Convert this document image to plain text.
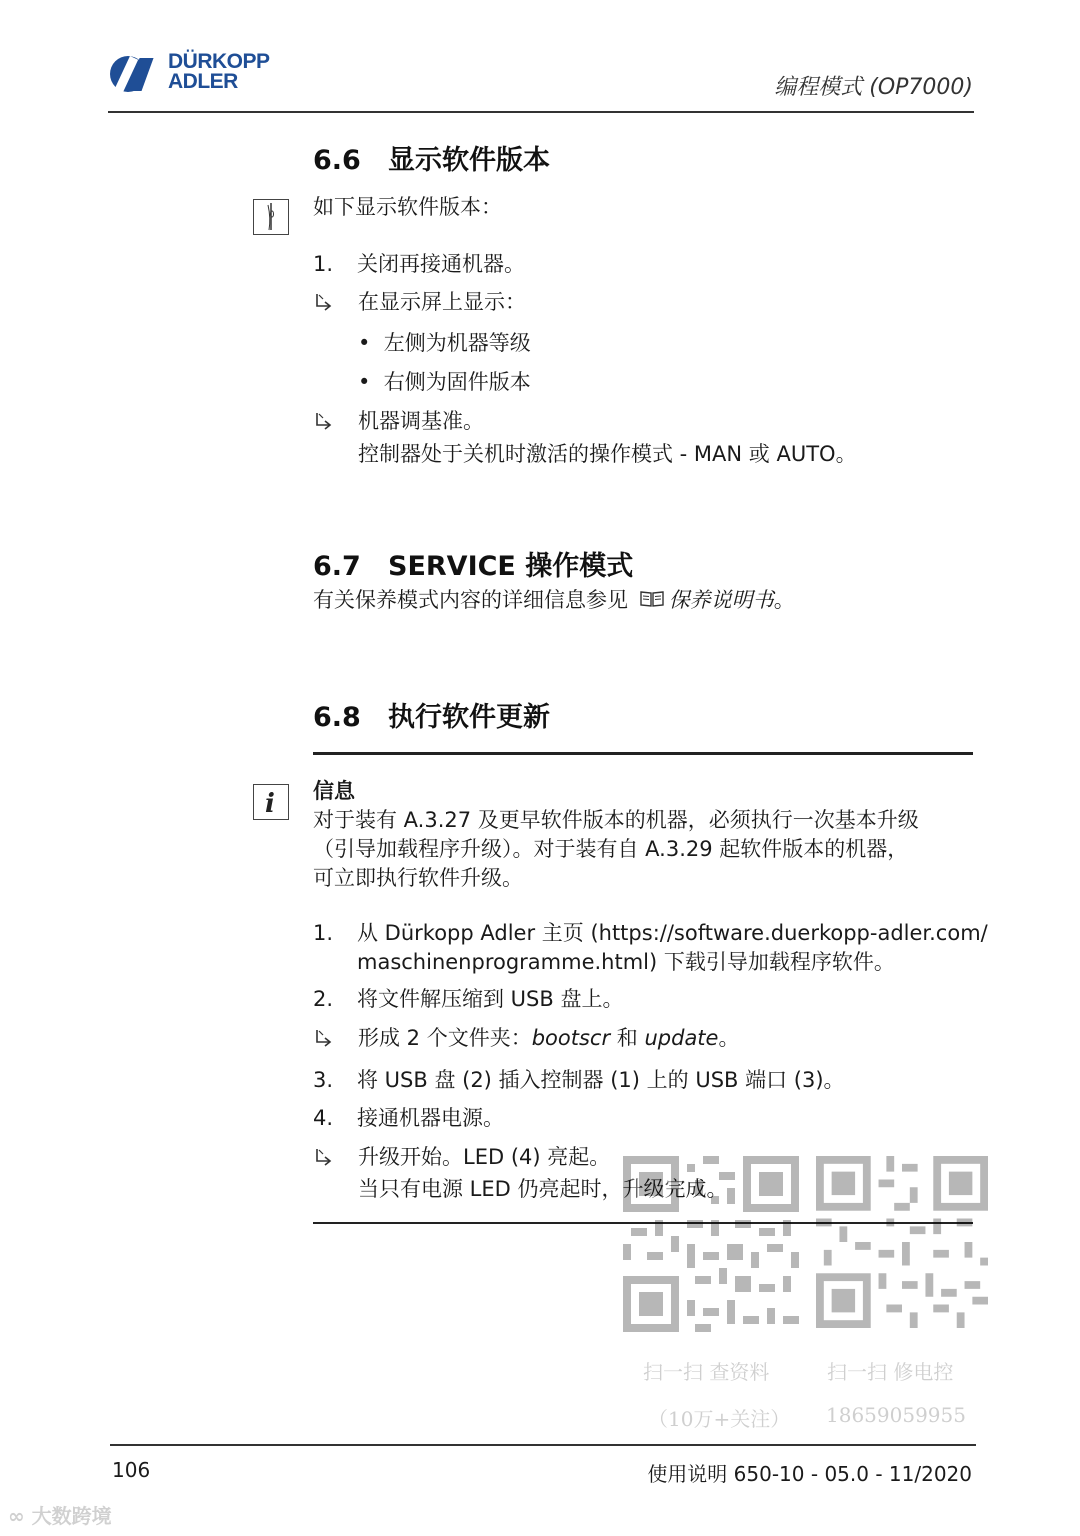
DÜRKOPP
ADLER	编程模式 (OP7000)
6.6 显示软件版本
如下显示软件版本：
1. 关闭再接通机器。
在显示屏上显示：
• 左侧为机器等级
• 右侧为固件版本
机器调基准。
控制器处于关机时激活的操作模式 - MAN 或 AUTO。
6.7 SERVICE 操作模式
有关保养模式内容的详细信息参见 保养说明书。
6.8 执行软件更新
i 信息
对于装有 A.3.27 及更早软件版本的机器，必须执行一次基本升级
（引导加载程序升级）。对于装有自 A.3.29 起软件版本的机器，
可立即执行软件升级。
1. 从 Dürkopp Adler 主页 (https://software.duerkopp-adler.com/
maschinenprogramme.html) 下载引导加载程序软件。
2. 将文件解压缩到 USB 盘上。
形成 2 个文件夹：bootscr 和 update。
3. 将 USB 盘 (2) 插入控制器 (1) 上的 USB 端口 (3)。
4. 接通机器电源。
升级开始。LED (4) 亮起。
当只有电源 LED 仍亮起时，升级完成。
扫一扫 查资料
（10万+关注）
扫一扫 修电控
18659059955
106	使用说明 650-10 - 05.0 - 11/2020
∞ 大数跨境
